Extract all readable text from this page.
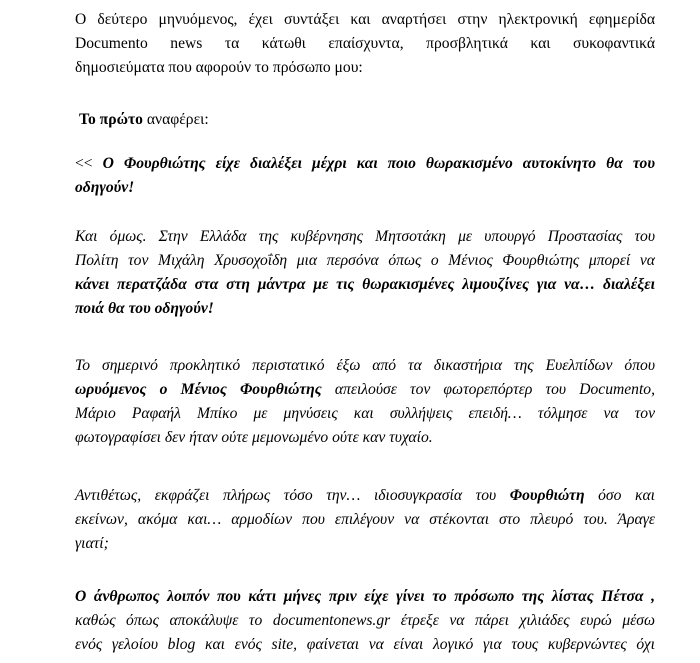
Ο δεύτερο μηνυόμενος, έχει συντάξει και αναρτήσει στην ηλεκτρονική εφημερίδα
Documento news τα κάτωθι επαίσχυντα, προσβλητικά και συκοφαντικά
δημοσιεύματα που αφορούν το πρόσωπο μου:
Το πρώτο αναφέρει:
<< Ο Φουρθιώτης είχε διαλέξει μέχρι και ποιο θωρακισμένο αυτοκίνητο θα του
οδηγούν!
Και όμως. Στην Ελλάδα της κυβέρνησης Μητσοτάκη με υπουργό Προστασίας του
Πολίτη τον Μιχάλη Χρυσοχοΐδη μια περσόνα όπως ο Μένιος Φουρθιώτης μπορεί να
κάνει περατζάδα στα στη μάντρα με τις θωρακισμένες λιμουζίνες για να… διαλέξει
ποιά θα του οδηγούν!
Το σημερινό προκλητικό περιστατικό έξω από τα δικαστήρια της Ευελπίδων όπου
ωρυόμενος ο Μένιος Φουρθιώτης απειλούσε τον φωτορεπόρτερ του Documento,
Μάριο Ραφαήλ Μπίκο με μηνύσεις και συλλήψεις επειδή… τόλμησε να τον
φωτογραφίσει δεν ήταν ούτε μεμονωμένο ούτε καν τυχαίο.
Αντιθέτως, εκφράζει πλήρως τόσο την… ιδιοσυγκρασία του Φουρθιώτη όσο και
εκείνων, ακόμα και… αρμοδίων που επιλέγουν να στέκονται στο πλευρό του. Άραγε
γιατί;
Ο άνθρωπος λοιπόν που κάτι μήνες πριν είχε γίνει το πρόσωπο της λίστας Πέτσα ,
καθώς όπως αποκάλυψε το documentonews.gr έτρεξε να πάρει χιλιάδες ευρώ μέσω
ενός γελοίου blog και ενός site, φαίνεται να είναι λογικό για τους κυβερνώντες όχι
